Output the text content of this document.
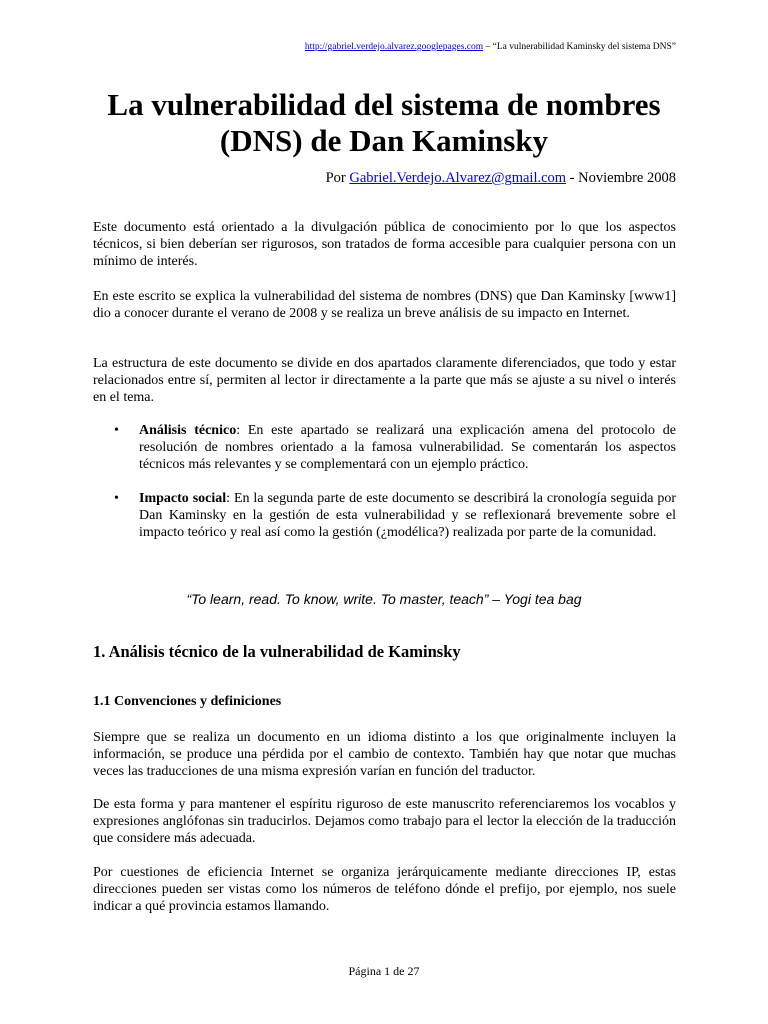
http://gabriel.verdejo.alvarez.googlepages.com – “La vulnerabilidad Kaminsky del sistema DNS”
La vulnerabilidad del sistema de nombres
(DNS) de Dan Kaminsky
Por Gabriel.Verdejo.Alvarez@gmail.com - Noviembre 2008

Este documento está orientado a la divulgación pública de conocimiento por lo que los aspectos técnicos, si bien deberían ser rigurosos, son tratados de forma accesible para cualquier persona con un mínimo de interés.

En este escrito se explica la vulnerabilidad del sistema de nombres (DNS) que Dan Kaminsky [www1] dio a conocer durante el verano de 2008 y se realiza un breve análisis de su impacto en Internet.

La estructura de este documento se divide en dos apartados claramente diferenciados, que todo y estar relacionados entre sí, permiten al lector ir directamente a la parte que más se ajuste a su nivel o interés en el tema.

• Análisis técnico: En este apartado se realizará una explicación amena del protocolo de resolución de nombres orientado a la famosa vulnerabilidad. Se comentarán los aspectos técnicos más relevantes y se complementará con un ejemplo práctico.
• Impacto social: En la segunda parte de este documento se describirá la cronología seguida por Dan Kaminsky en la gestión de esta vulnerabilidad y se reflexionará brevemente sobre el impacto teórico y real así como la gestión (¿modélica?) realizada por parte de la comunidad.

“To learn, read. To know, write. To master, teach” – Yogi tea bag

1. Análisis técnico de la vulnerabilidad de Kaminsky
1.1 Convenciones y definiciones

Siempre que se realiza un documento en un idioma distinto a los que originalmente incluyen la información, se produce una pérdida por el cambio de contexto. También hay que notar que muchas veces las traducciones de una misma expresión varían en función del traductor.

De esta forma y para mantener el espíritu riguroso de este manuscrito referenciaremos los vocablos y expresiones anglófonas sin traducirlos. Dejamos como trabajo para el lector la elección de la traducción que considere más adecuada.

Por cuestiones de eficiencia Internet se organiza jerárquicamente mediante direcciones IP, estas direcciones pueden ser vistas como los números de teléfono dónde el prefijo, por ejemplo, nos suele indicar a qué provincia estamos llamando.

Página 1 de 27
